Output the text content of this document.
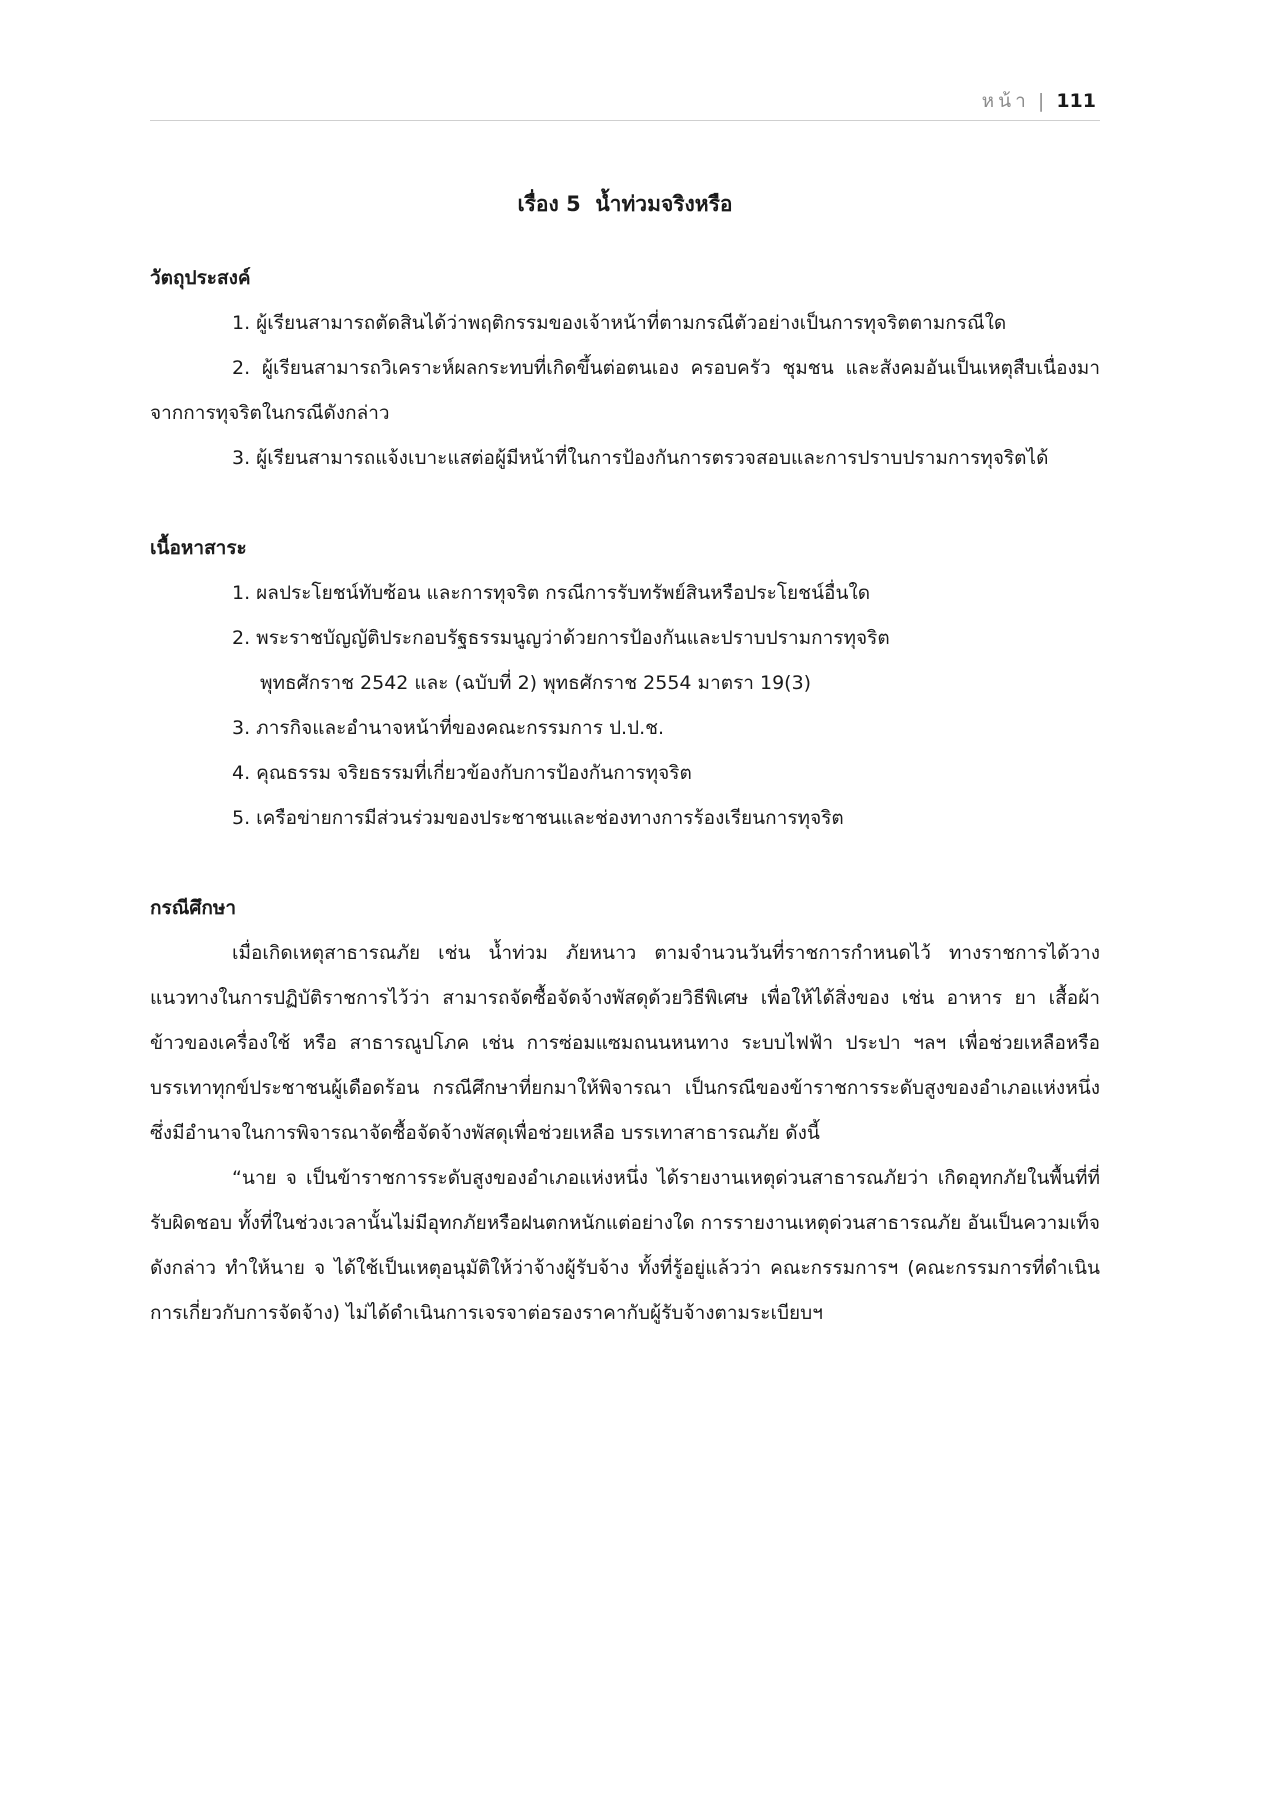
หน้า | 111
เรื่อง 5  น้ำท่วมจริงหรือ
วัตถุประสงค์

1. ผู้เรียนสามารถตัดสินได้ว่าพฤติกรรมของเจ้าหน้าที่ตามกรณีตัวอย่างเป็นการทุจริตตามกรณีใด

2. ผู้เรียนสามารถวิเคราะห์ผลกระทบที่เกิดขึ้นต่อตนเอง ครอบครัว ชุมชน และสังคมอันเป็นเหตุสืบเนื่องมาจากการทุจริตในกรณีดังกล่าว

3. ผู้เรียนสามารถแจ้งเบาะแสต่อผู้มีหน้าที่ในการป้องกันการตรวจสอบและการปราบปรามการทุจริตได้

เนื้อหาสาระ

1. ผลประโยชน์ทับซ้อน และการทุจริต กรณีการรับทรัพย์สินหรือประโยชน์อื่นใด

2. พระราชบัญญัติประกอบรัฐธรรมนูญว่าด้วยการป้องกันและปราบปรามการทุจริต

พุทธศักราช 2542 และ (ฉบับที่ 2) พุทธศักราช 2554 มาตรา 19(3)

3. ภารกิจและอำนาจหน้าที่ของคณะกรรมการ ป.ป.ช.

4. คุณธรรม จริยธรรมที่เกี่ยวข้องกับการป้องกันการทุจริต

5. เครือข่ายการมีส่วนร่วมของประชาชนและช่องทางการร้องเรียนการทุจริต

กรณีศึกษา

เมื่อเกิดเหตุสาธารณภัย เช่น น้ำท่วม ภัยหนาว ตามจำนวนวันที่ราชการกำหนดไว้ ทางราชการได้วางแนวทางในการปฏิบัติราชการไว้ว่า สามารถจัดซื้อจัดจ้างพัสดุด้วยวิธีพิเศษ เพื่อให้ได้สิ่งของ เช่น อาหาร ยา เสื้อผ้า ข้าวของเครื่องใช้ หรือ สาธารณูปโภค เช่น การซ่อมแซมถนนหนทาง ระบบไฟฟ้า ประปา ฯลฯ เพื่อช่วยเหลือหรือบรรเทาทุกข์ประชาชนผู้เดือดร้อน กรณีศึกษาที่ยกมาให้พิจารณา เป็นกรณีของข้าราชการระดับสูงของอำเภอแห่งหนึ่ง ซึ่งมีอำนาจในการพิจารณาจัดซื้อจัดจ้างพัสดุเพื่อช่วยเหลือ บรรเทาสาธารณภัย ดังนี้

“นาย จ เป็นข้าราชการระดับสูงของอำเภอแห่งหนึ่ง ได้รายงานเหตุด่วนสาธารณภัยว่า เกิดอุทกภัยในพื้นที่ที่รับผิดชอบ ทั้งที่ในช่วงเวลานั้นไม่มีอุทกภัยหรือฝนตกหนักแต่อย่างใด การรายงานเหตุด่วนสาธารณภัย อันเป็นความเท็จดังกล่าว ทำให้นาย จ ได้ใช้เป็นเหตุอนุมัติให้ว่าจ้างผู้รับจ้าง ทั้งที่รู้อยู่แล้วว่า คณะกรรมการฯ (คณะกรรมการที่ดำเนินการเกี่ยวกับการจัดจ้าง) ไม่ได้ดำเนินการเจรจาต่อรองราคากับผู้รับจ้างตามระเบียบฯ
